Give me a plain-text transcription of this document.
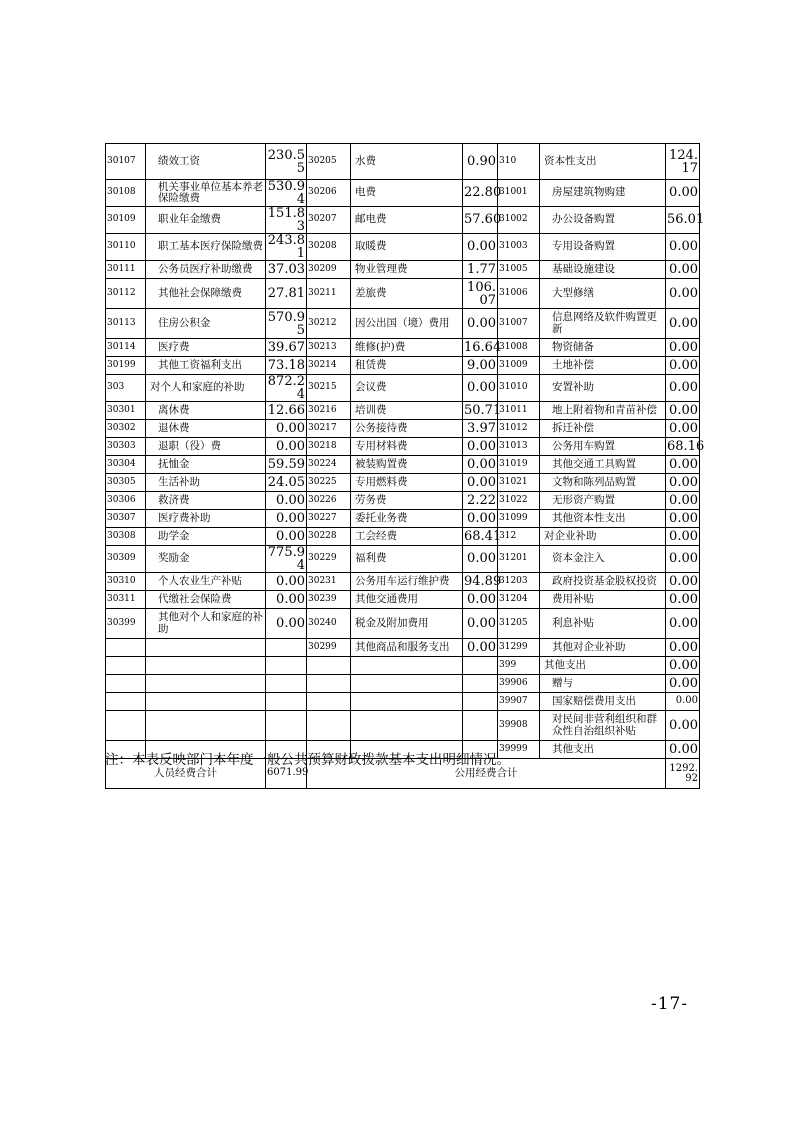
30107	绩效工资	230.55	30205	水费	0.90	310	资本性支出	124.17
30108	机关事业单位基本养老保险缴费	530.94	30206	电费	22.80	31001	房屋建筑物购建	0.00
30109	职业年金缴费	151.83	30207	邮电费	57.60	31002	办公设备购置	56.01
30110	职工基本医疗保险缴费	243.81	30208	取暖费	0.00	31003	专用设备购置	0.00
30111	公务员医疗补助缴费	37.03	30209	物业管理费	1.77	31005	基础设施建设	0.00
30112	其他社会保障缴费	27.81	30211	差旅费	106.07	31006	大型修缮	0.00
30113	住房公积金	570.95	30212	因公出国（境）费用	0.00	31007	信息网络及软件购置更新	0.00
30114	医疗费	39.67	30213	维修(护)费	16.64	31008	物资储备	0.00
30199	其他工资福利支出	73.18	30214	租赁费	9.00	31009	土地补偿	0.00
303	对个人和家庭的补助	872.24	30215	会议费	0.00	31010	安置补助	0.00
30301	离休费	12.66	30216	培训费	50.71	31011	地上附着物和青苗补偿	0.00
30302	退休费	0.00	30217	公务接待费	3.97	31012	拆迁补偿	0.00
30303	退职（役）费	0.00	30218	专用材料费	0.00	31013	公务用车购置	68.16
30304	抚恤金	59.59	30224	被装购置费	0.00	31019	其他交通工具购置	0.00
30305	生活补助	24.05	30225	专用燃料费	0.00	31021	文物和陈列品购置	0.00
30306	救济费	0.00	30226	劳务费	2.22	31022	无形资产购置	0.00
30307	医疗费补助	0.00	30227	委托业务费	0.00	31099	其他资本性支出	0.00
30308	助学金	0.00	30228	工会经费	68.41	312	对企业补助	0.00
30309	奖励金	775.94	30229	福利费	0.00	31201	资本金注入	0.00
30310	个人农业生产补贴	0.00	30231	公务用车运行维护费	94.89	31203	政府投资基金股权投资	0.00
30311	代缴社会保险费	0.00	30239	其他交通费用	0.00	31204	费用补贴	0.00
30399	其他对个人和家庭的补助	0.00	30240	税金及附加费用	0.00	31205	利息补贴	0.00
			30299	其他商品和服务支出	0.00	31299	其他对企业补助	0.00
						399	其他支出	0.00
						39906	赠与	0.00
						39907	国家赔偿费用支出	0.00
						39908	对民间非营利组织和群众性自治组织补贴	0.00
						39999	其他支出	0.00
人员经费合计		6071.99	公用经费合计					1292.92

注：本表反映部门本年度一般公共预算财政拨款基本支出明细情况。

-17-
